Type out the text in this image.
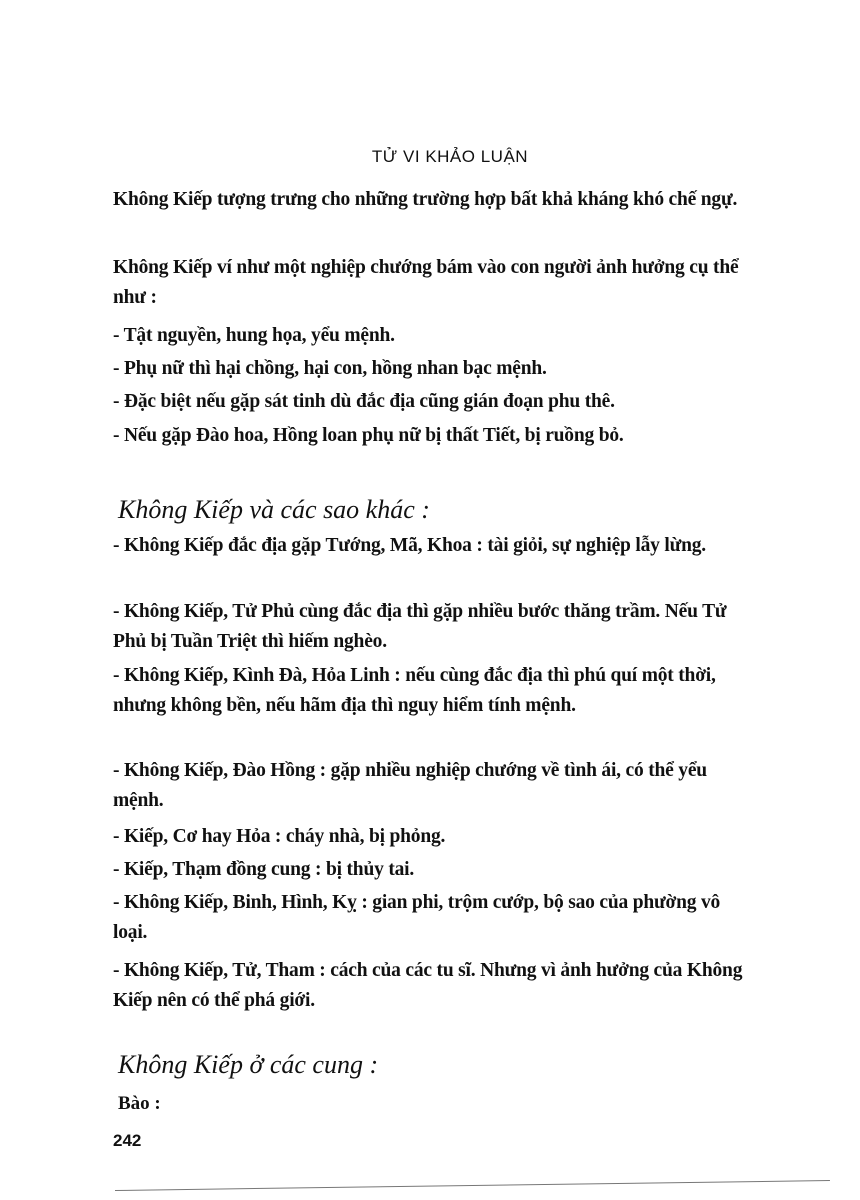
TỬ VI KHẢO LUẬN
Không Kiếp tượng trưng cho những trường hợp bất khả kháng khó chế ngự.
Không Kiếp ví như một nghiệp chướng bám vào con người ảnh hưởng cụ thể như :
- Tật nguyền, hung họa, yểu mệnh.
- Phụ nữ thì hại chồng, hại con, hồng nhan bạc mệnh.
- Đặc biệt nếu gặp sát tinh dù đắc địa cũng gián đoạn phu thê.
- Nếu gặp Đào hoa, Hồng loan phụ nữ bị thất Tiết, bị ruồng bỏ.
Không Kiếp và các sao khác :
- Không Kiếp đắc địa gặp Tướng, Mã, Khoa : tài giỏi, sự nghiệp lẫy lừng.
- Không Kiếp, Tử Phủ cùng đắc địa thì gặp nhiều bước thăng trầm. Nếu Tử Phủ bị Tuần Triệt thì hiếm nghèo.
- Không Kiếp, Kình Đà, Hỏa Linh : nếu cùng đắc địa thì phú quí một thời, nhưng không bền, nếu hãm địa thì nguy hiểm tính mệnh.
- Không Kiếp, Đào Hồng : gặp nhiều nghiệp chướng về tình ái, có thể yểu mệnh.
- Kiếp, Cơ hay Hỏa : cháy nhà, bị phỏng.
- Kiếp, Thạm đồng cung : bị thủy tai.
- Không Kiếp, Binh, Hình, Kỵ : gian phi, trộm cướp, bộ sao của phường vô loại.
- Không Kiếp, Tử, Tham : cách của các tu sĩ. Nhưng vì ảnh hưởng của Không Kiếp nên có thể phá giới.
Không Kiếp ở các cung :
Bào :
242
